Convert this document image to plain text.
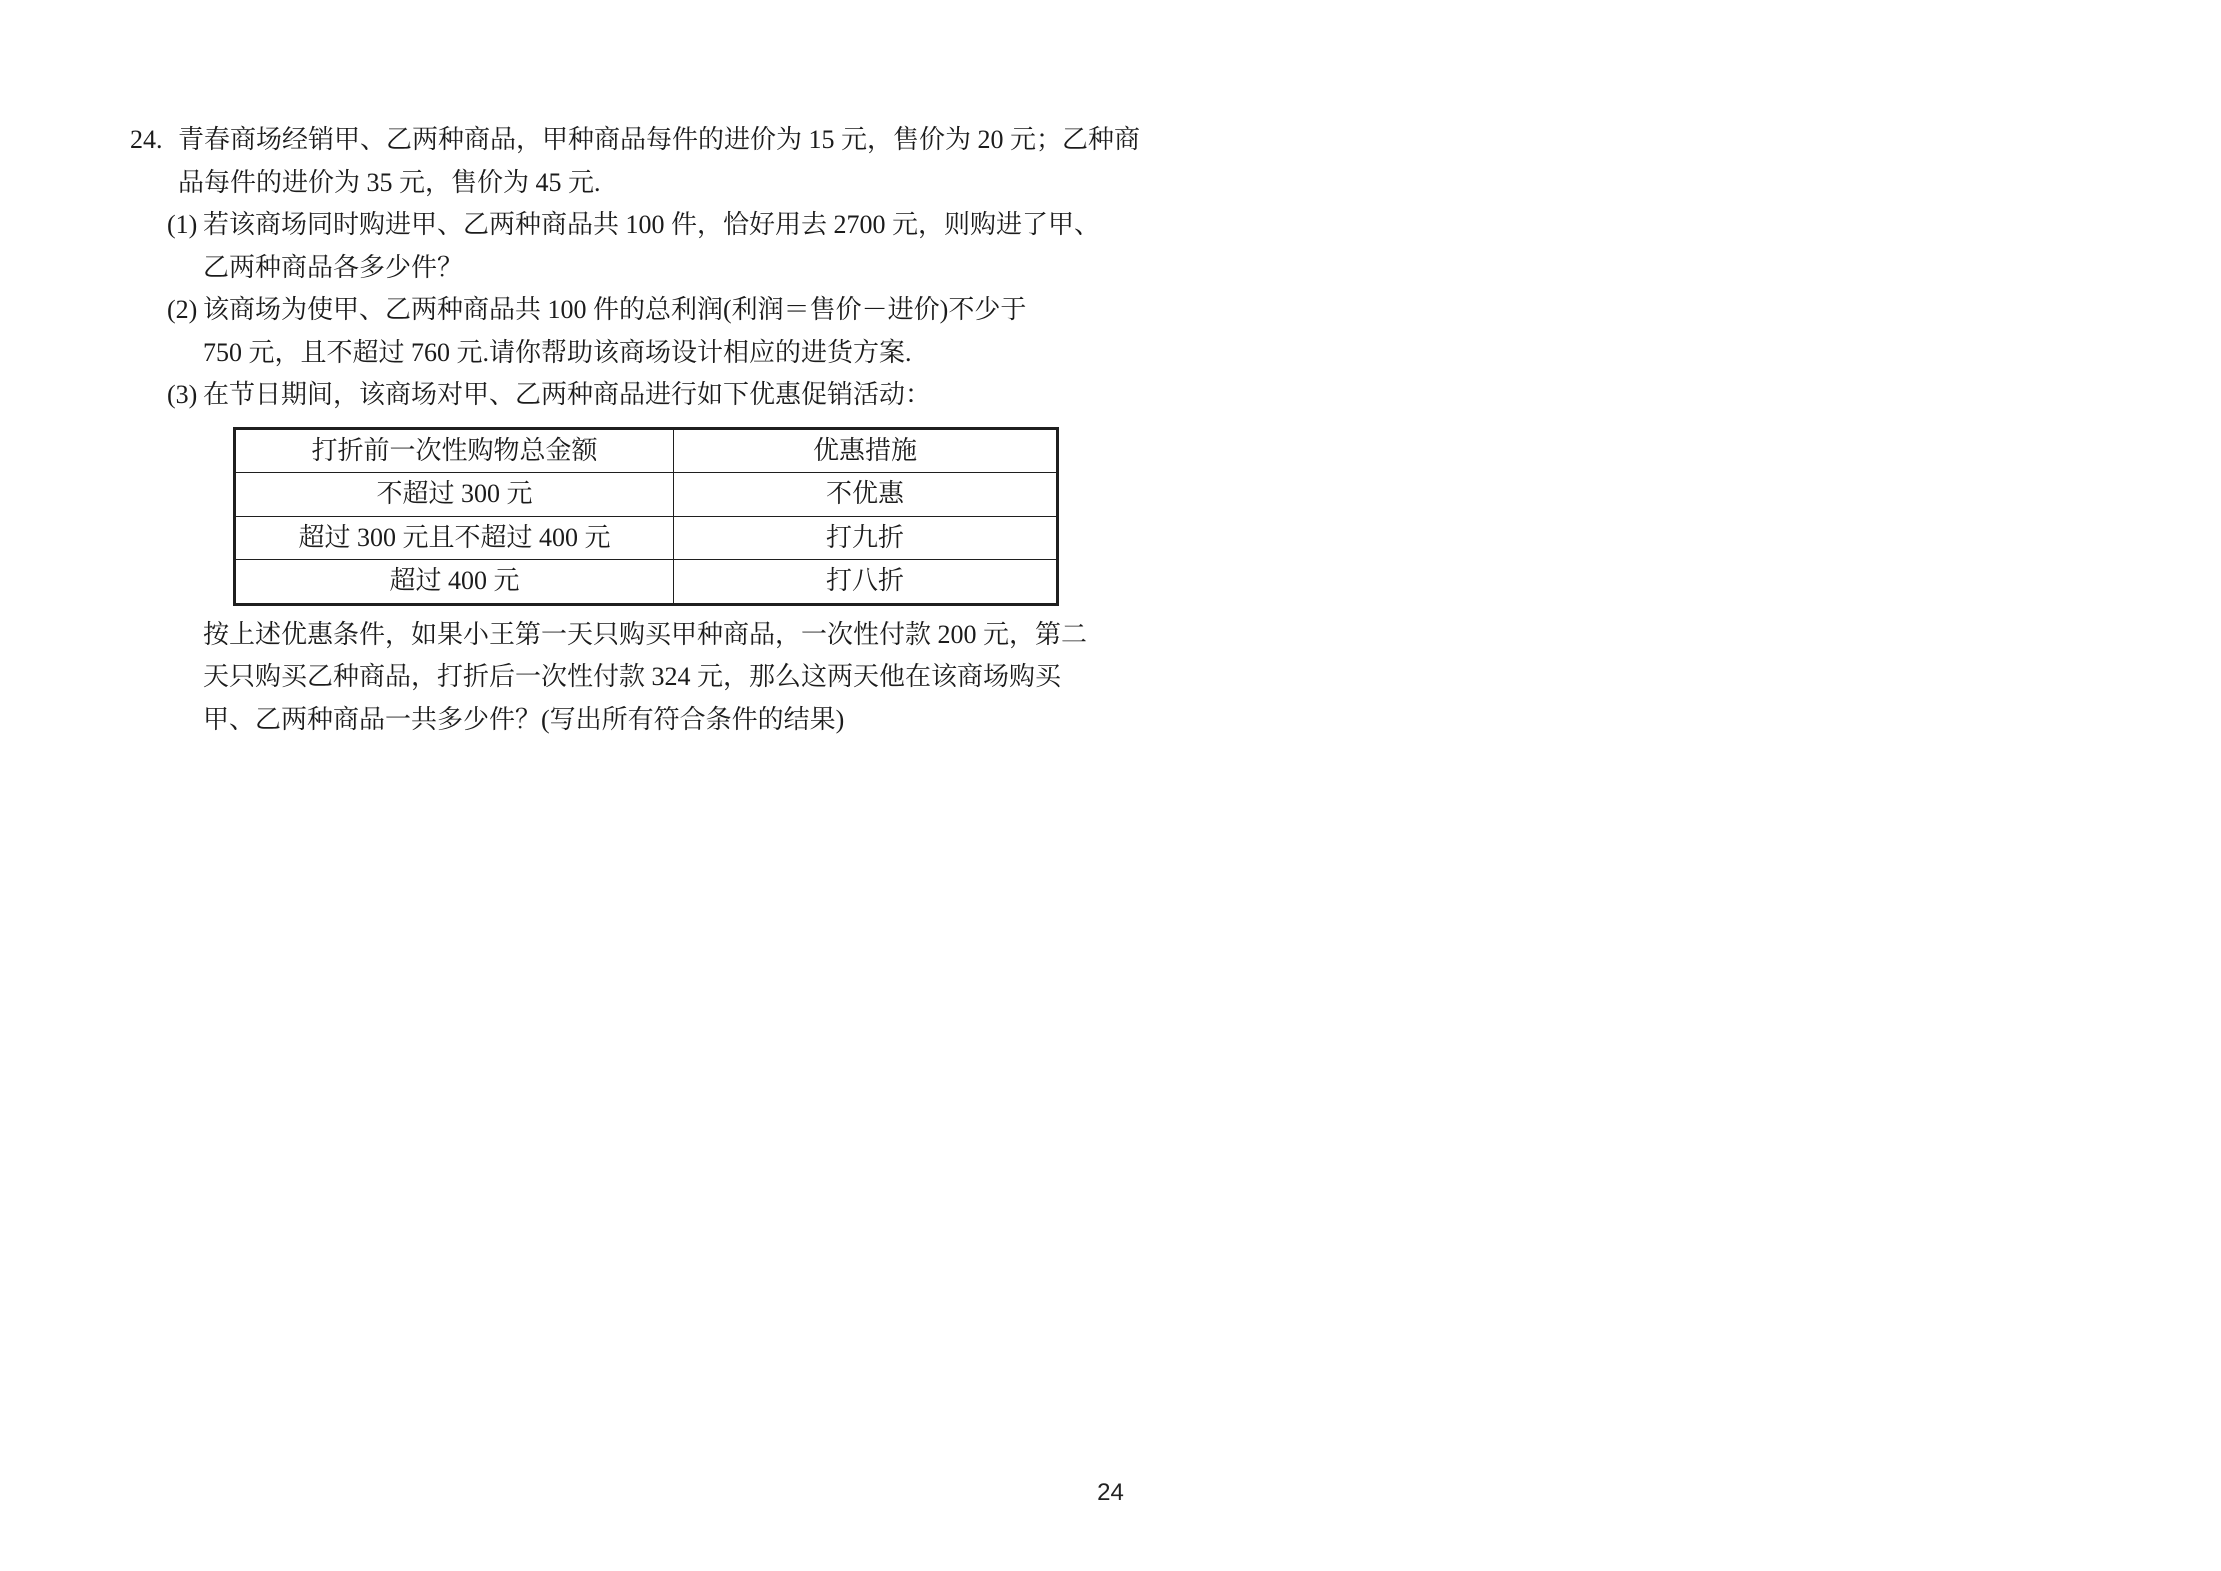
24. 青春商场经销甲、乙两种商品，甲种商品每件的进价为 15 元，售价为 20 元；乙种商
品每件的进价为 35 元，售价为 45 元.
(1) 若该商场同时购进甲、乙两种商品共 100 件，恰好用去 2700 元，则购进了甲、
乙两种商品各多少件？
(2) 该商场为使甲、乙两种商品共 100 件的总利润(利润＝售价－进价)不少于
750 元，且不超过 760 元.请你帮助该商场设计相应的进货方案.
(3) 在节日期间，该商场对甲、乙两种商品进行如下优惠促销活动：
打折前一次性购物总金额	优惠措施
不超过 300 元	不优惠
超过 300 元且不超过 400 元	打九折
超过 400 元	打八折
按上述优惠条件，如果小王第一天只购买甲种商品，一次性付款 200 元，第二
天只购买乙种商品，打折后一次性付款 324 元，那么这两天他在该商场购买
甲、乙两种商品一共多少件？(写出所有符合条件的结果)
24
